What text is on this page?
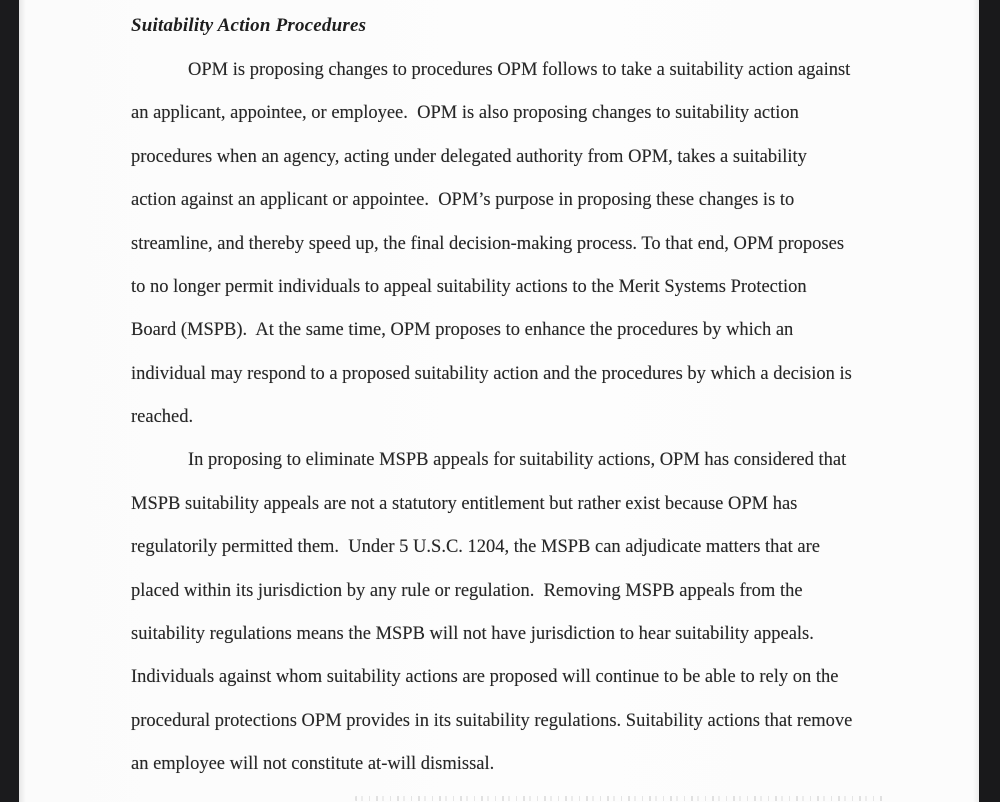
Suitability Action Procedures
OPM is proposing changes to procedures OPM follows to take a suitability action against
an applicant, appointee, or employee.  OPM is also proposing changes to suitability action
procedures when an agency, acting under delegated authority from OPM, takes a suitability
action against an applicant or appointee.  OPM’s purpose in proposing these changes is to
streamline, and thereby speed up, the final decision-making process. To that end, OPM proposes
to no longer permit individuals to appeal suitability actions to the Merit Systems Protection
Board (MSPB).  At the same time, OPM proposes to enhance the procedures by which an
individual may respond to a proposed suitability action and the procedures by which a decision is
reached.
In proposing to eliminate MSPB appeals for suitability actions, OPM has considered that
MSPB suitability appeals are not a statutory entitlement but rather exist because OPM has
regulatorily permitted them.  Under 5 U.S.C. 1204, the MSPB can adjudicate matters that are
placed within its jurisdiction by any rule or regulation.  Removing MSPB appeals from the
suitability regulations means the MSPB will not have jurisdiction to hear suitability appeals.
Individuals against whom suitability actions are proposed will continue to be able to rely on the
procedural protections OPM provides in its suitability regulations. Suitability actions that remove
an employee will not constitute at-will dismissal.
